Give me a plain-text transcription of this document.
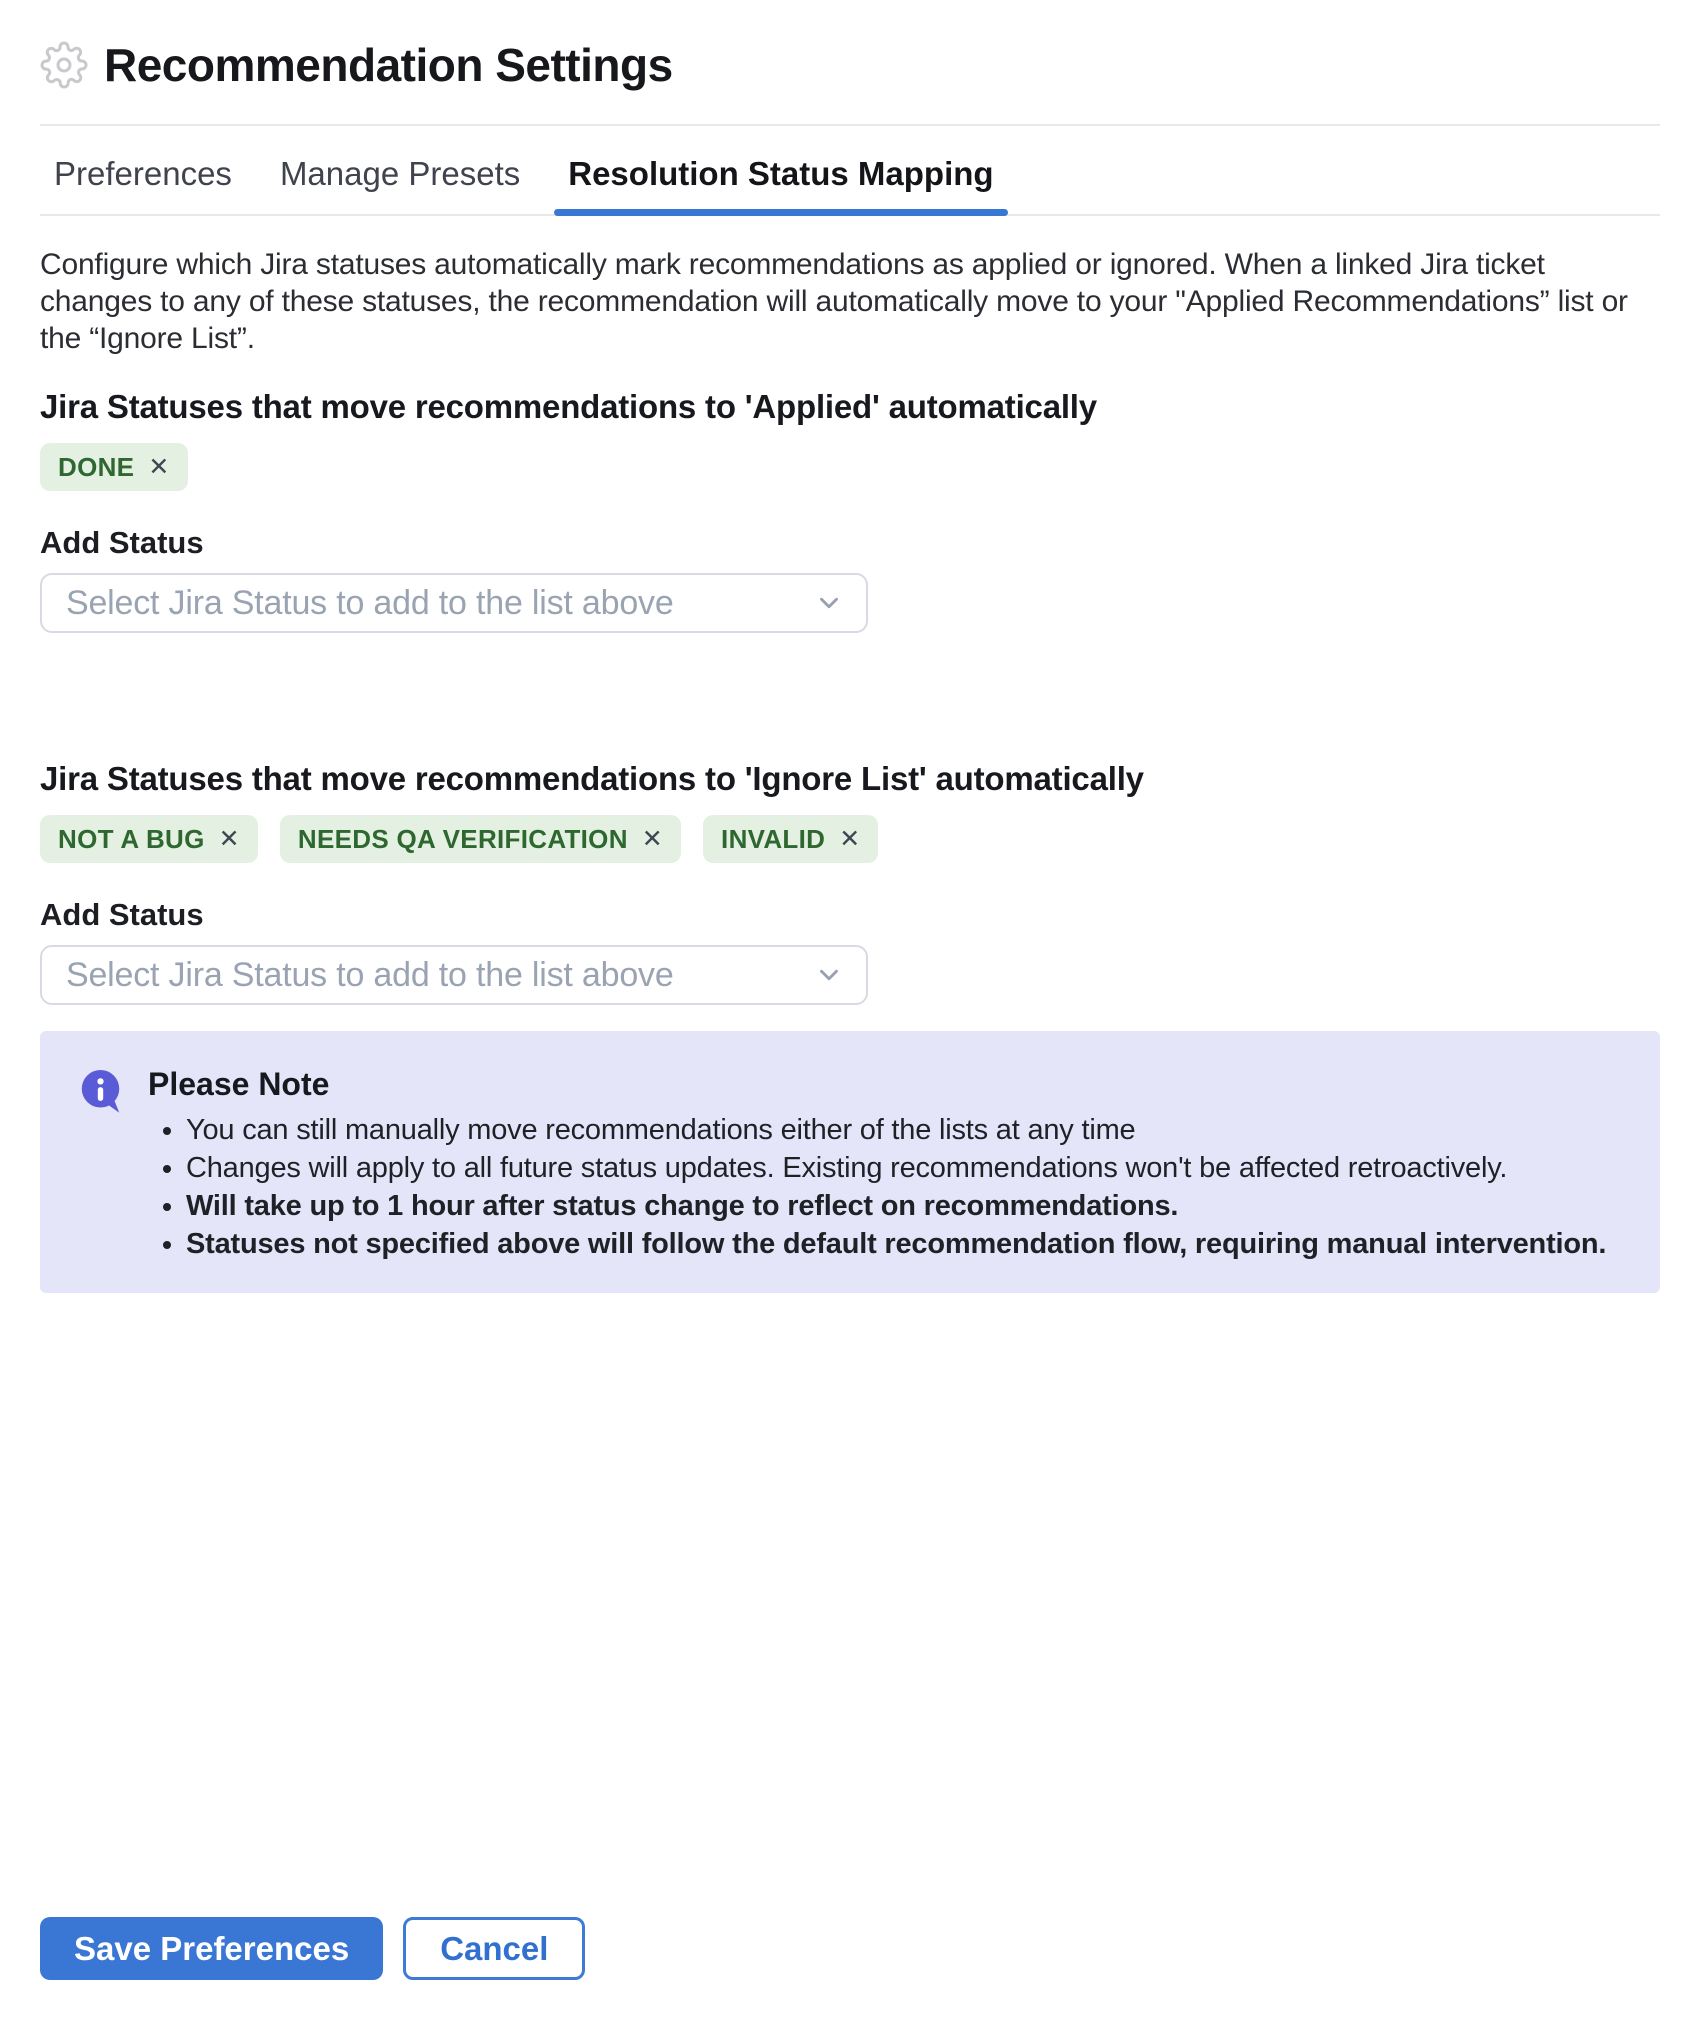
Recommendation Settings
Preferences	Manage Presets	Resolution Status Mapping

Configure which Jira statuses automatically mark recommendations as applied or ignored. When a linked Jira ticket changes to any of these statuses, the recommendation will automatically move to your "Applied Recommendations” list or the “Ignore List”.

Jira Statuses that move recommendations to 'Applied' automatically
DONE ✕
Add Status
Select Jira Status to add to the list above
Jira Statuses that move recommendations to 'Ignore List' automatically
NOT A BUG ✕ NEEDS QA VERIFICATION ✕ INVALID ✕
Add Status
Select Jira Status to add to the list above
Please Note
• You can still manually move recommendations either of the lists at any time
• Changes will apply to all future status updates. Existing recommendations won't be affected retroactively.
• Will take up to 1 hour after status change to reflect on recommendations.
• Statuses not specified above will follow the default recommendation flow, requiring manual intervention.
Save Preferences	Cancel
